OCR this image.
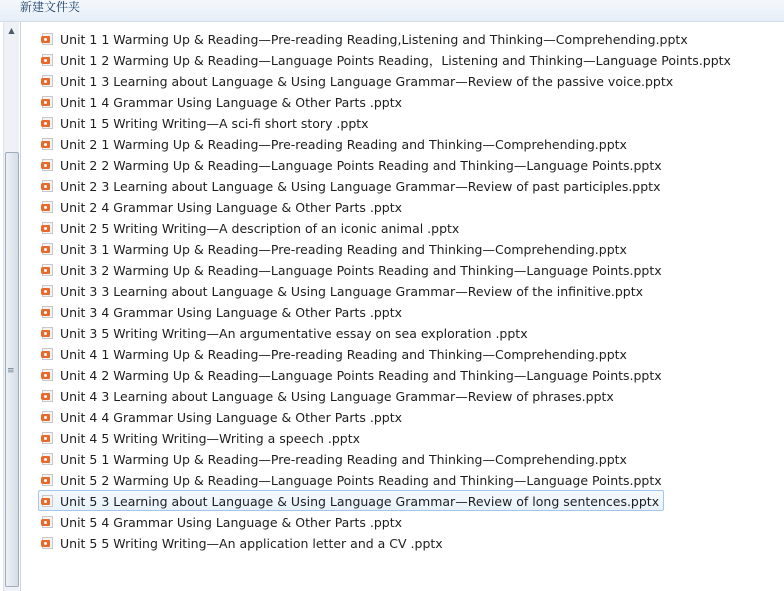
新建文件夹
▲
≡
Unit 1 1 Warming Up & Reading—Pre-reading Reading,Listening and Thinking—Comprehending.pptx
Unit 1 2 Warming Up & Reading—Language Points Reading，Listening and Thinking—Language Points.pptx
Unit 1 3 Learning about Language & Using Language Grammar—Review of the passive voice.pptx
Unit 1 4 Grammar Using Language & Other Parts .pptx
Unit 1 5 Writing Writing—A sci-fi short story .pptx
Unit 2 1 Warming Up & Reading—Pre-reading Reading and Thinking—Comprehending.pptx
Unit 2 2 Warming Up & Reading—Language Points Reading and Thinking—Language Points.pptx
Unit 2 3 Learning about Language & Using Language Grammar—Review of past participles.pptx
Unit 2 4 Grammar Using Language & Other Parts .pptx
Unit 2 5 Writing Writing—A description of an iconic animal .pptx
Unit 3 1 Warming Up & Reading—Pre-reading Reading and Thinking—Comprehending.pptx
Unit 3 2 Warming Up & Reading—Language Points Reading and Thinking—Language Points.pptx
Unit 3 3 Learning about Language & Using Language Grammar—Review of the infinitive.pptx
Unit 3 4 Grammar Using Language & Other Parts .pptx
Unit 3 5 Writing Writing—An argumentative essay on sea exploration .pptx
Unit 4 1 Warming Up & Reading—Pre-reading Reading and Thinking—Comprehending.pptx
Unit 4 2 Warming Up & Reading—Language Points Reading and Thinking—Language Points.pptx
Unit 4 3 Learning about Language & Using Language Grammar—Review of phrases.pptx
Unit 4 4 Grammar Using Language & Other Parts .pptx
Unit 4 5 Writing Writing—Writing a speech .pptx
Unit 5 1 Warming Up & Reading—Pre-reading Reading and Thinking—Comprehending.pptx
Unit 5 2 Warming Up & Reading—Language Points Reading and Thinking—Language Points.pptx
Unit 5 3 Learning about Language & Using Language Grammar—Review of long sentences.pptx
Unit 5 4 Grammar Using Language & Other Parts .pptx
Unit 5 5 Writing Writing—An application letter and a CV .pptx
